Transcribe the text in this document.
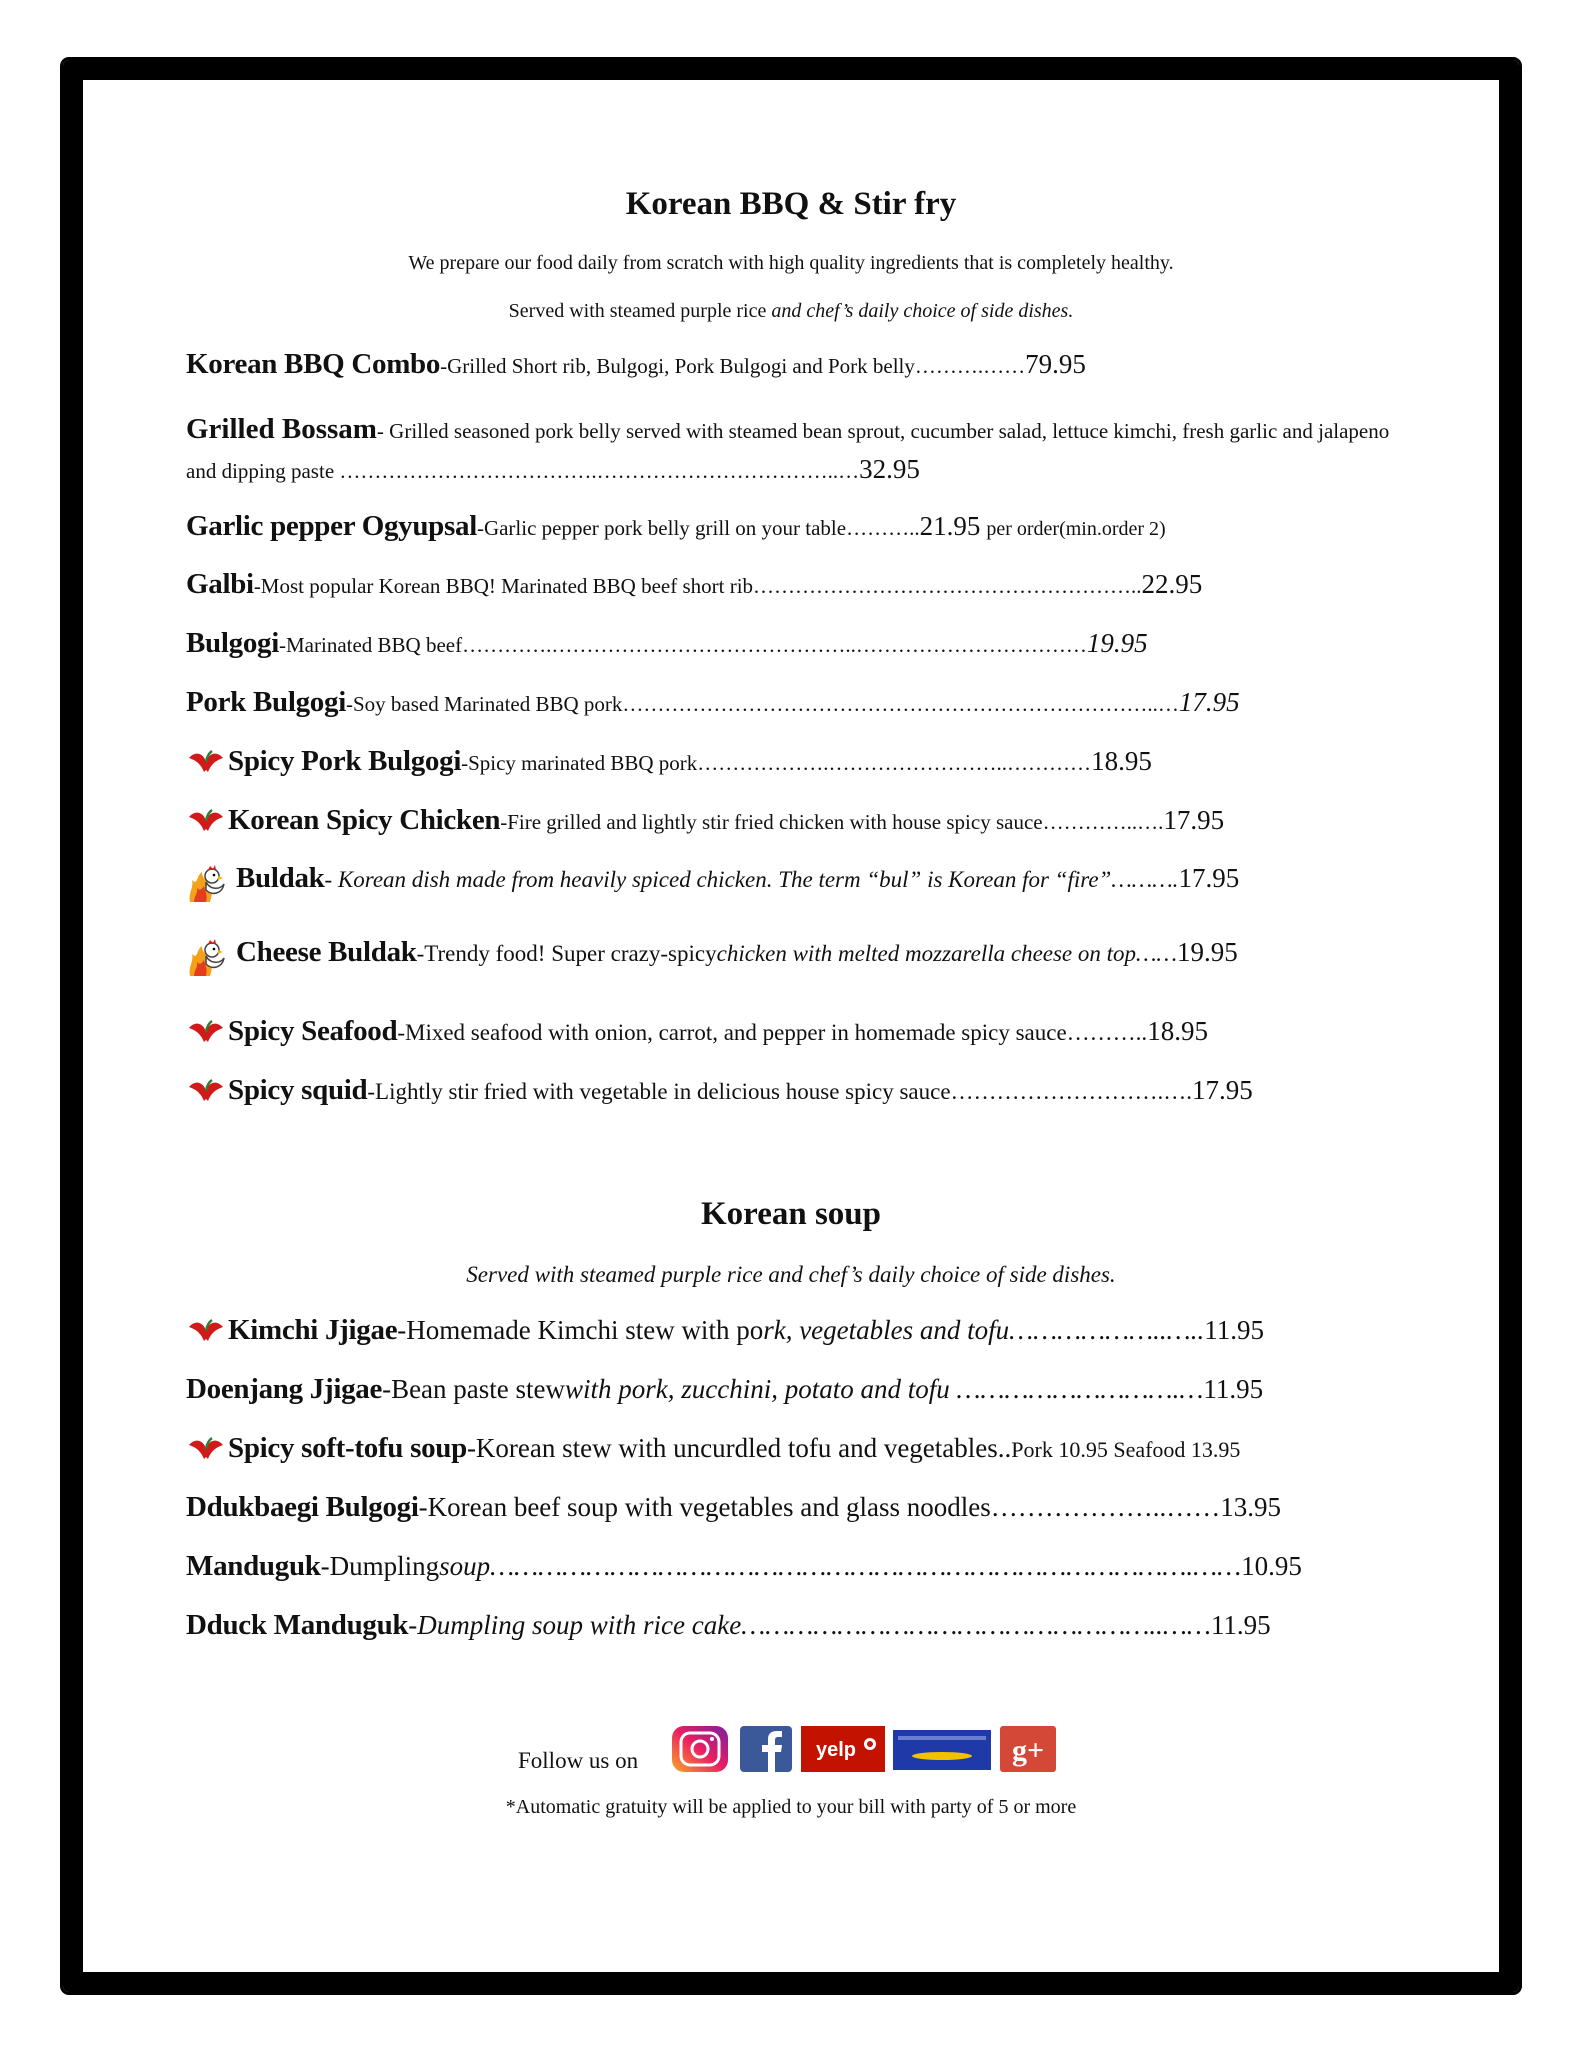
Korean BBQ & Stir fry
We prepare our food daily from scratch with high quality ingredients that is completely healthy.
Served with steamed purple rice and chef’s daily choice of side dishes.
Korean BBQ Combo -Grilled Short rib, Bulgogi, Pork Bulgogi and Pork belly……….…… 79.95
Grilled Bossam- Grilled seasoned pork belly served with steamed bean sprout, cucumber salad, lettuce kimchi, fresh garlic and jalapeno and dipping paste ……………………………….……………………………..…32.95
Garlic pepper Ogyupsal -Garlic pepper pork belly grill on your table……….. 21.95 per order(min.order 2)
Galbi -Most popular Korean BBQ! Marinated BBQ beef short rib……………………………………………….. 22.95
Bulgogi -Marinated BBQ beef………….……………………………………..…………………………… 19.95
Pork Bulgogi -Soy based Marinated BBQ pork…………………………………………………………………..… 17.95
Spicy Pork Bulgogi -Spicy marinated BBQ pork……………….……………………..………… 18.95
Korean Spicy Chicken -Fire grilled and lightly stir fried chicken with house spicy sauce…………..…. 17.95
Buldak - Korean dish made from heavily spiced chicken. The term “bul” is Korean for “fire”………. 17.95
Cheese Buldak -Trendy food! Super crazy-spicy chicken with melted mozzarella cheese on top…… 19.95
Spicy Seafood -Mixed seafood with onion, carrot, and pepper in homemade spicy sauce……….. 18.95
Spicy squid -Lightly stir fried with vegetable in delicious house spicy sauce……………………….…. 17.95
Korean soup
Served with steamed purple rice and chef’s daily choice of side dishes.
Kimchi Jjigae -Homemade Kimchi stew with po rk, vegetables and tofu………………..….. 11.95
Doenjang Jjigae -Bean paste stew with pork, zucchini, potato and tofu ……………………….… 11.95
Spicy soft-tofu soup -Korean stew with uncurdled tofu and vegetables.. Pork 10.95 Seafood 13.95
Ddukbaegi Bulgogi -Korean beef soup with vegetables and glass noodles………………..…… 13.95
Manduguk -Dumpling soup…………………………………………………………………………….…… 10.95
Dduck Manduguk -Dumpling soup with rice cake……………………………………………..…… 11.95
Follow us on	yelp	g+
*Automatic gratuity will be applied to your bill with party of 5 or more
